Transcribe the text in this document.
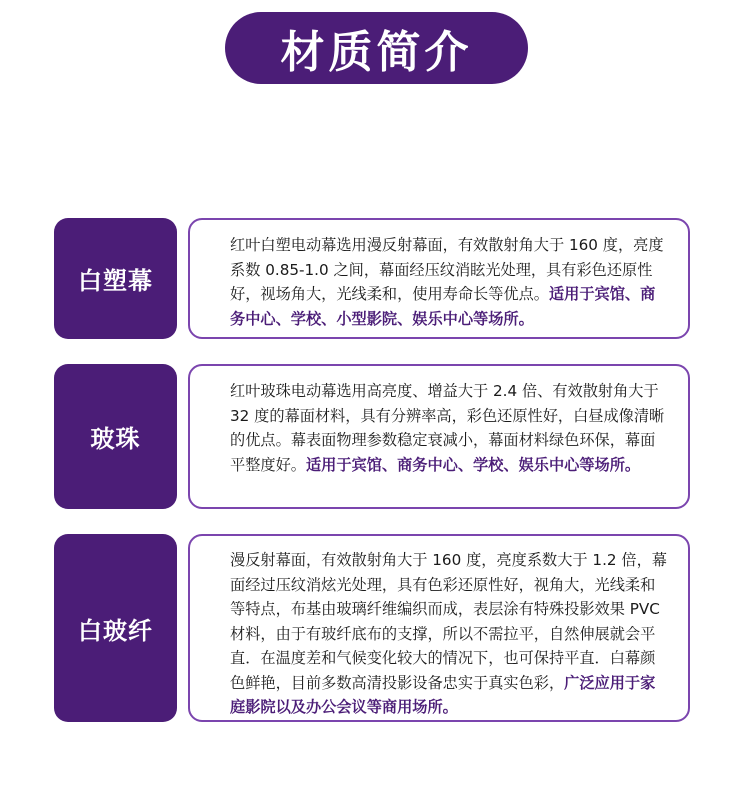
材质简介
白塑幕
红叶白塑电动幕选用漫反射幕面，有效散射角大于 160 度，亮度系数 0.85-1.0 之间，幕面经压纹消眩光处理，具有彩色还原性好，视场角大，光线柔和，使用寿命长等优点。适用于宾馆、商务中心、学校、小型影院、娱乐中心等场所。
玻珠
红叶玻珠电动幕选用高亮度、增益大于 2.4 倍、有效散射角大于 32 度的幕面材料，具有分辨率高，彩色还原性好，白昼成像清晰的优点。幕表面物理参数稳定衰减小，幕面材料绿色环保，幕面平整度好。适用于宾馆、商务中心、学校、娱乐中心等场所。
白玻纤
漫反射幕面，有效散射角大于 160 度，亮度系数大于 1.2 倍，幕面经过压纹消炫光处理，具有色彩还原性好，视角大，光线柔和等特点，布基由玻璃纤维编织而成，表层涂有特殊投影效果 PVC 材料，由于有玻纤底布的支撑，所以不需拉平，自然伸展就会平直．在温度差和气候变化较大的情况下，也可保持平直．白幕颜色鲜艳，目前多数高清投影设备忠实于真实色彩，广泛应用于家庭影院以及办公会议等商用场所。
